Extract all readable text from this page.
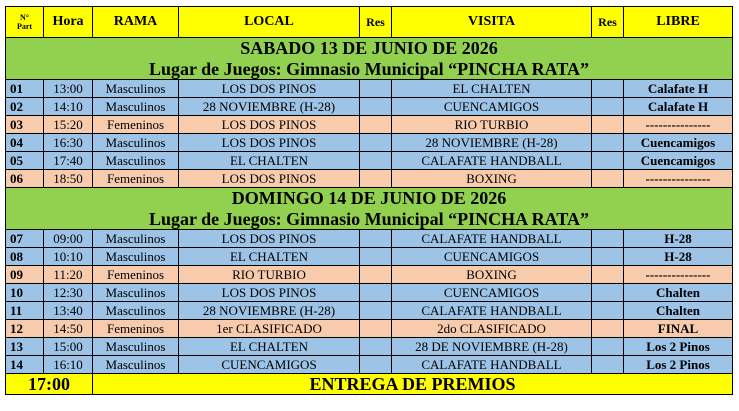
N°
Part	Hora	RAMA	LOCAL	Res	VISITA	Res	LIBRE
SABADO 13 DE JUNIO DE 2026							
Lugar de Juegos: Gimnasio Municipal “PINCHA RATA”							
01	13:00	Masculinos	LOS DOS PINOS		EL CHALTEN		Calafate H
02	14:10	Masculinos	28 NOVIEMBRE (H-28)		CUENCAMIGOS		Calafate H
03	15:20	Femeninos	LOS DOS PINOS		RIO TURBIO		---------------
04	16:30	Masculinos	LOS DOS PINOS		28 NOVIEMBRE (H-28)		Cuencamigos
05	17:40	Masculinos	EL CHALTEN		CALAFATE HANDBALL		Cuencamigos
06	18:50	Femeninos	LOS DOS PINOS		BOXING		---------------
DOMINGO 14 DE JUNIO DE 2026							
Lugar de Juegos: Gimnasio Municipal “PINCHA RATA”							
07	09:00	Masculinos	LOS DOS PINOS		CALAFATE HANDBALL		H-28
08	10:10	Masculinos	EL CHALTEN		CUENCAMIGOS		H-28
09	11:20	Femeninos	RIO TURBIO		BOXING		---------------
10	12:30	Masculinos	LOS DOS PINOS		CUENCAMIGOS		Chalten
11	13:40	Masculinos	28 NOVIEMBRE (H-28)		CALAFATE HANDBALL		Chalten
12	14:50	Femeninos	1er CLASIFICADO		2do CLASIFICADO		FINAL
13	15:00	Masculinos	EL CHALTEN		28 DE NOVIEMBRE (H-28)		Los 2 Pinos
14	16:10	Masculinos	CUENCAMIGOS		CALAFATE HANDBALL		Los 2 Pinos
17:00		ENTREGA DE PREMIOS					
